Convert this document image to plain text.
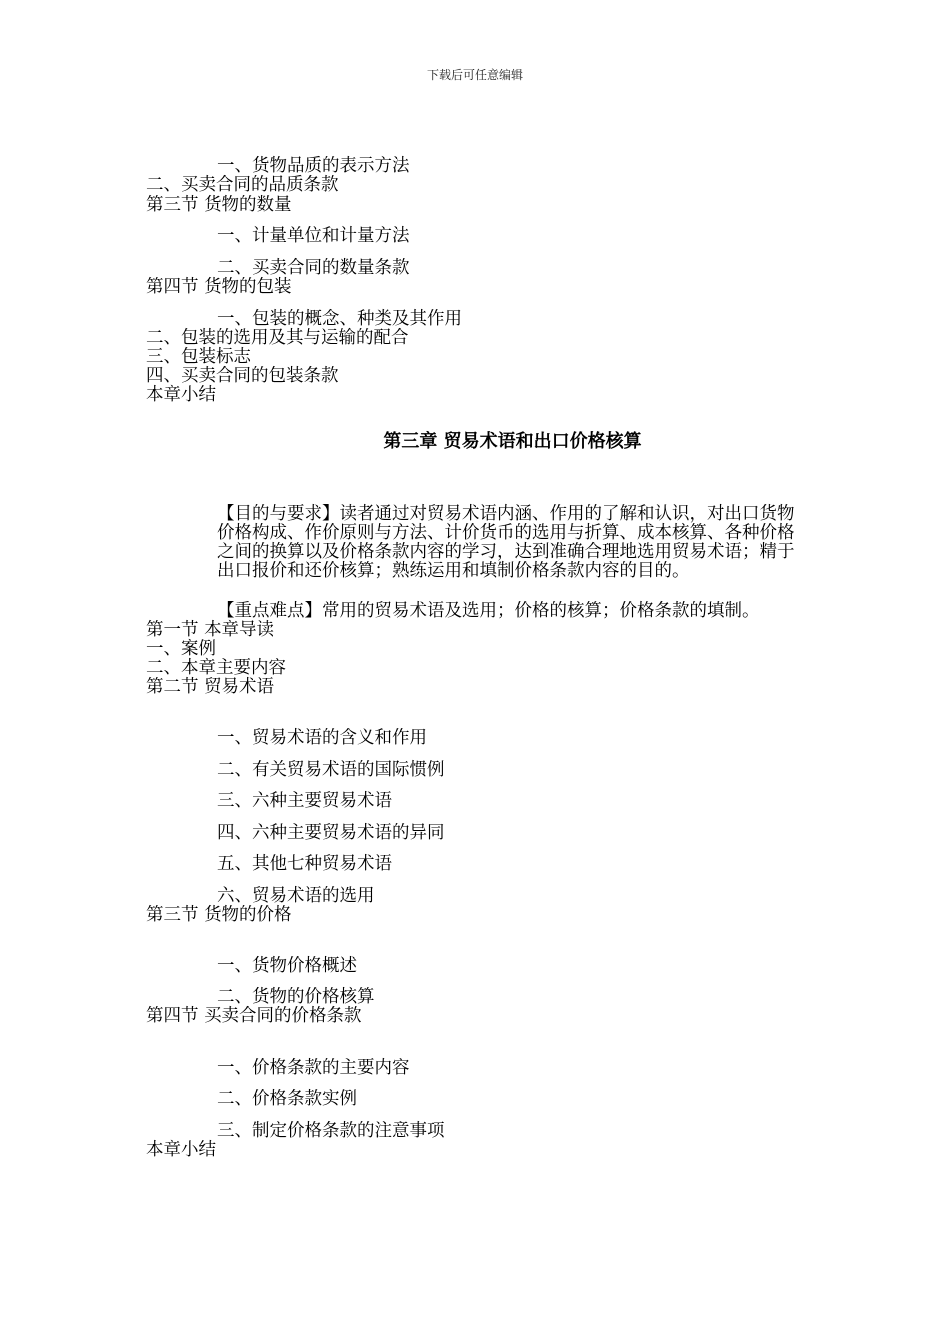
下载后可任意编辑
一、货物品质的表示方法
二、买卖合同的品质条款
第三节 货物的数量
一、计量单位和计量方法
二、买卖合同的数量条款
第四节 货物的包装
一、包装的概念、种类及其作用
二、包装的选用及其与运输的配合
三、包装标志
四、买卖合同的包装条款
本章小结
第三章 贸易术语和出口价格核算
【目的与要求】读者通过对贸易术语内涵、作用的了解和认识，对出口货物价格构成、作价原则与方法、计价货币的选用与折算、成本核算、各种价格之间的换算以及价格条款内容的学习，达到准确合理地选用贸易术语；精于出口报价和还价核算；熟练运用和填制价格条款内容的目的。
【重点难点】常用的贸易术语及选用；价格的核算；价格条款的填制。
第一节 本章导读
一、案例
二、本章主要内容
第二节 贸易术语
一、贸易术语的含义和作用
二、有关贸易术语的国际惯例
三、六种主要贸易术语
四、六种主要贸易术语的异同
五、其他七种贸易术语
六、贸易术语的选用
第三节 货物的价格
一、货物价格概述
二、货物的价格核算
第四节 买卖合同的价格条款
一、价格条款的主要内容
二、价格条款实例
三、制定价格条款的注意事项
本章小结
